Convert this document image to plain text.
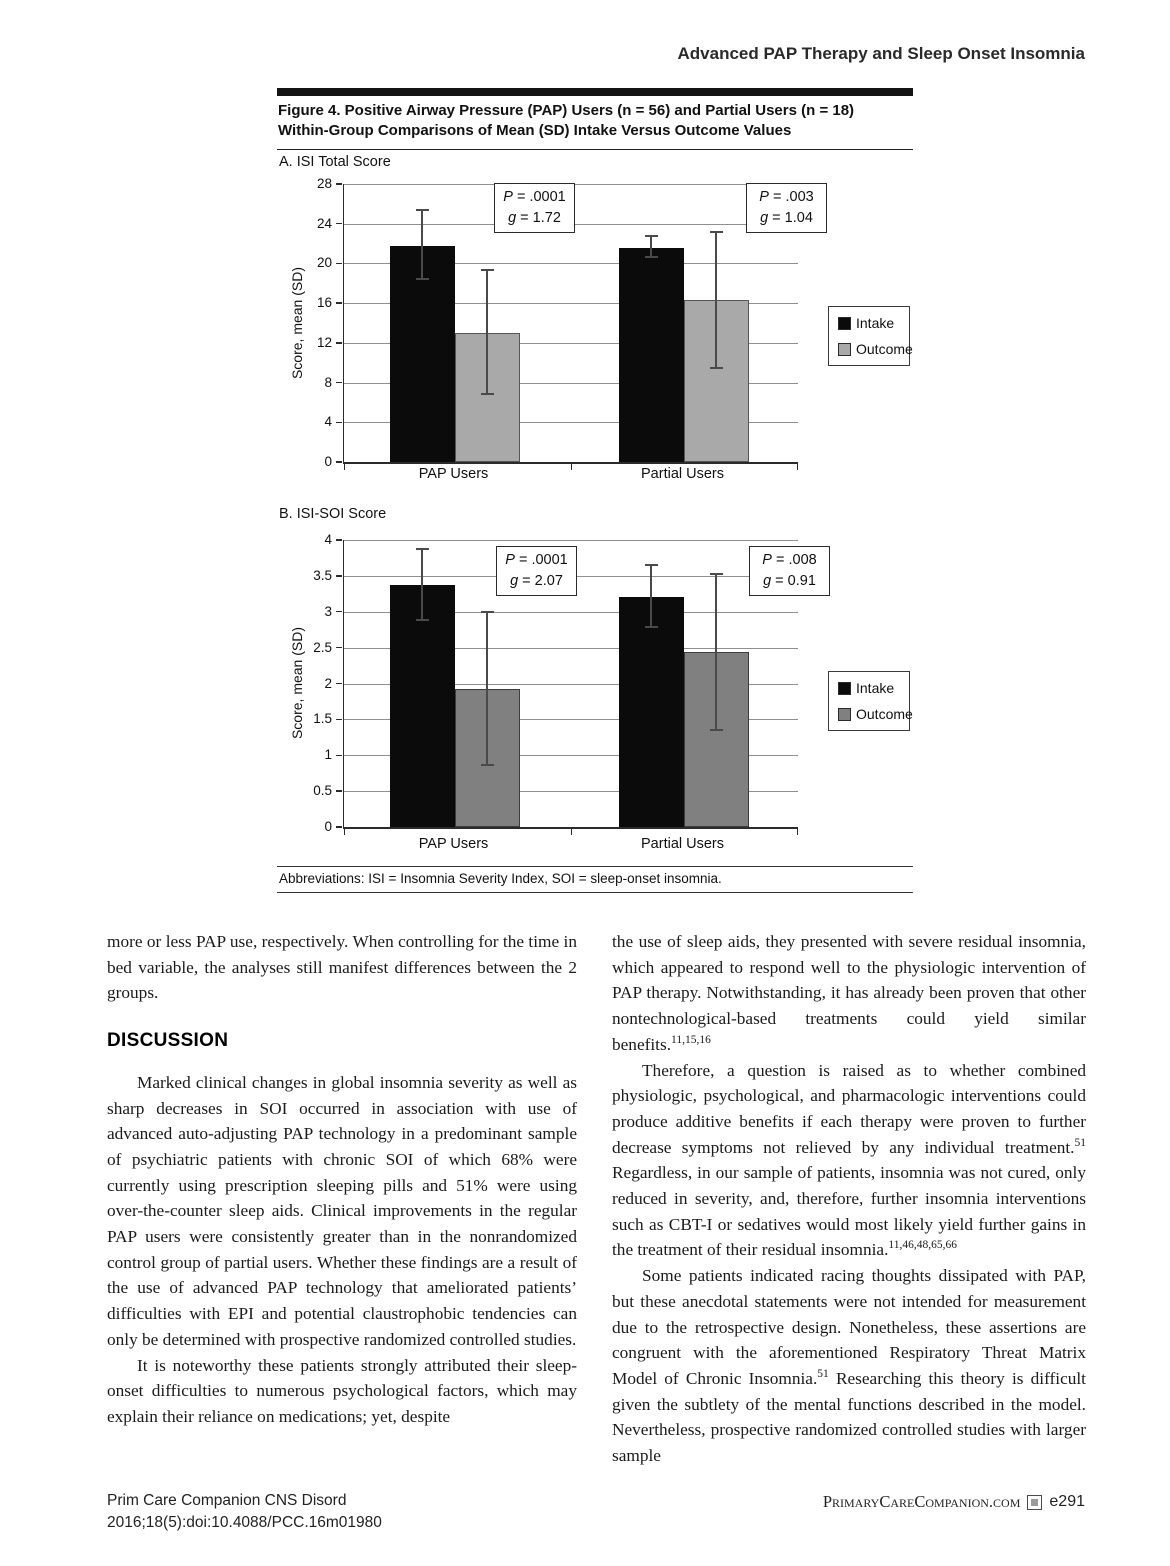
Advanced PAP Therapy and Sleep Onset Insomnia
Figure 4. Positive Airway Pressure (PAP) Users (n = 56) and Partial Users (n = 18) Within-Group Comparisons of Mean (SD) Intake Versus Outcome Values
A. ISI Total Score
Score, mean (SD)
0
4
8
12
16
20
24
28
P = .0001
g = 1.72
P = .003
g = 1.04
PAP Users	Partial Users
Intake
Outcome
B. ISI-SOI Score
Score, mean (SD)
0
0.5
1
1.5
2
2.5
3
3.5
4
P = .0001
g = 2.07
P = .008
g = 0.91
PAP Users	Partial Users
Intake
Outcome
Abbreviations: ISI = Insomnia Severity Index, SOI = sleep-onset insomnia.

more or less PAP use, respectively. When controlling for the time in bed variable, the analyses still manifest differences between the 2 groups.

DISCUSSION

Marked clinical changes in global insomnia severity as well as sharp decreases in SOI occurred in association with use of advanced auto-adjusting PAP technology in a predominant sample of psychiatric patients with chronic SOI of which 68% were currently using prescription sleeping pills and 51% were using over-the-counter sleep aids. Clinical improvements in the regular PAP users were consistently greater than in the nonrandomized control group of partial users. Whether these findings are a result of the use of advanced PAP technology that ameliorated patients’ difficulties with EPI and potential claustrophobic tendencies can only be determined with prospective randomized controlled studies.

It is noteworthy these patients strongly attributed their sleep-onset difficulties to numerous psychological factors, which may explain their reliance on medications; yet, despite

the use of sleep aids, they presented with severe residual insomnia, which appeared to respond well to the physiologic intervention of PAP therapy. Notwithstanding, it has already been proven that other nontechnological-based treatments could yield similar benefits.$^{11,15,16}$

Therefore, a question is raised as to whether combined physiologic, psychological, and pharmacologic interventions could produce additive benefits if each therapy were proven to further decrease symptoms not relieved by any individual treatment.$^{51}$ Regardless, in our sample of patients, insomnia was not cured, only reduced in severity, and, therefore, further insomnia interventions such as CBT-I or sedatives would most likely yield further gains in the treatment of their residual insomnia.$^{11,46,48,65,66}$

Some patients indicated racing thoughts dissipated with PAP, but these anecdotal statements were not intended for measurement due to the retrospective design. Nonetheless, these assertions are congruent with the aforementioned Respiratory Threat Matrix Model of Chronic Insomnia.$^{51}$ Researching this theory is difficult given the subtlety of the mental functions described in the model. Nevertheless, prospective randomized controlled studies with larger sample

Prim Care Companion CNS Disord
2016;18(5):doi:10.4088/PCC.16m01980
PrimaryCareCompanion.com e291
